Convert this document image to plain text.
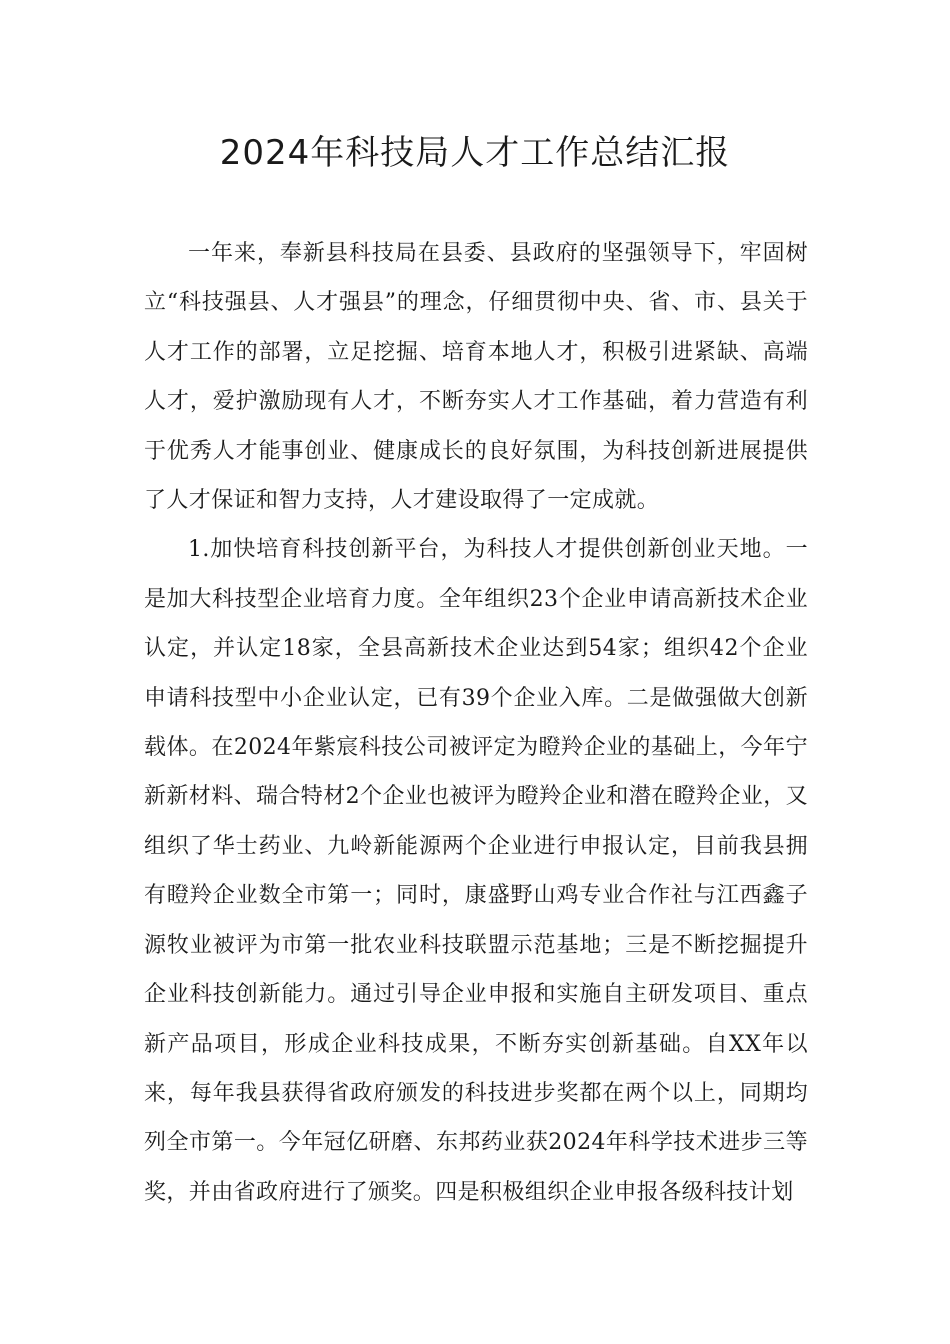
2024年科技局人才工作总结汇报

一年来，奉新县科技局在县委、县政府的坚强领导下，牢固树立“科技强县、人才强县”的理念，仔细贯彻中央、省、市、县关于人才工作的部署，立足挖掘、培育本地人才，积极引进紧缺、高端人才，爱护激励现有人才，不断夯实人才工作基础，着力营造有利于优秀人才能事创业、健康成长的良好氛围，为科技创新进展提供了人才保证和智力支持，人才建设取得了一定成就。

1.加快培育科技创新平台，为科技人才提供创新创业天地。一是加大科技型企业培育力度。全年组织23个企业申请高新技术企业认定，并认定18家，全县高新技术企业达到54家；组织42个企业申请科技型中小企业认定，已有39个企业入库。二是做强做大创新载体。在2024年紫宸科技公司被评定为瞪羚企业的基础上，今年宁新新材料、瑞合特材2个企业也被评为瞪羚企业和潜在瞪羚企业，又组织了华士药业、九岭新能源两个企业进行申报认定，目前我县拥有瞪羚企业数全市第一；同时，康盛野山鸡专业合作社与江西鑫子源牧业被评为市第一批农业科技联盟示范基地；三是不断挖掘提升企业科技创新能力。通过引导企业申报和实施自主研发项目、重点新产品项目，形成企业科技成果，不断夯实创新基础。自XX年以来，每年我县获得省政府颁发的科技进步奖都在两个以上，同期均列全市第一。今年冠亿研磨、东邦药业获2024年科学技术进步三等奖，并由省政府进行了颁奖。四是积极组织企业申报各级科技计划
